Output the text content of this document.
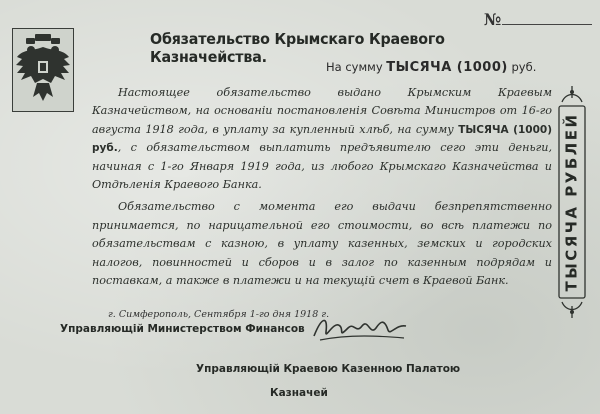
Обязательство Крымскаго Краевого Казначейства.
№
На сумму ТЫСЯЧА (1000) руб.

Настоящее обязательство выдано Крымским Краевым Казначейством, на основаніи постановленія Совѣта Министров от 16-го августа 1918 года, в уплату за купленный хлѣб, на сумму ТЫСЯЧА (1000) руб., с обязательством выплатить предъявителю сего эти деньги, начиная с 1-го Января 1919 года, из любого Крымскаго Казначейства и Отдѣленія Краевого Банка.

Обязательство с момента его выдачи безпрепятственно принимается, по нарицательной его стоимости, во всѣ платежи по обязательствам с казною, в уплату казенных, земских и городских налогов, повинностей и сборов и в залог по казенным подрядам и поставкам, а также в платежи и на текущій счет в Краевой Банк.

г. Симферополь, Сентября 1-го дня 1918 г.
Управляющій Министерством Финансов
Управляющій Краевою Казенною Палатою
Казначей
ТЫСЯЧА РУБЛЕЙ
